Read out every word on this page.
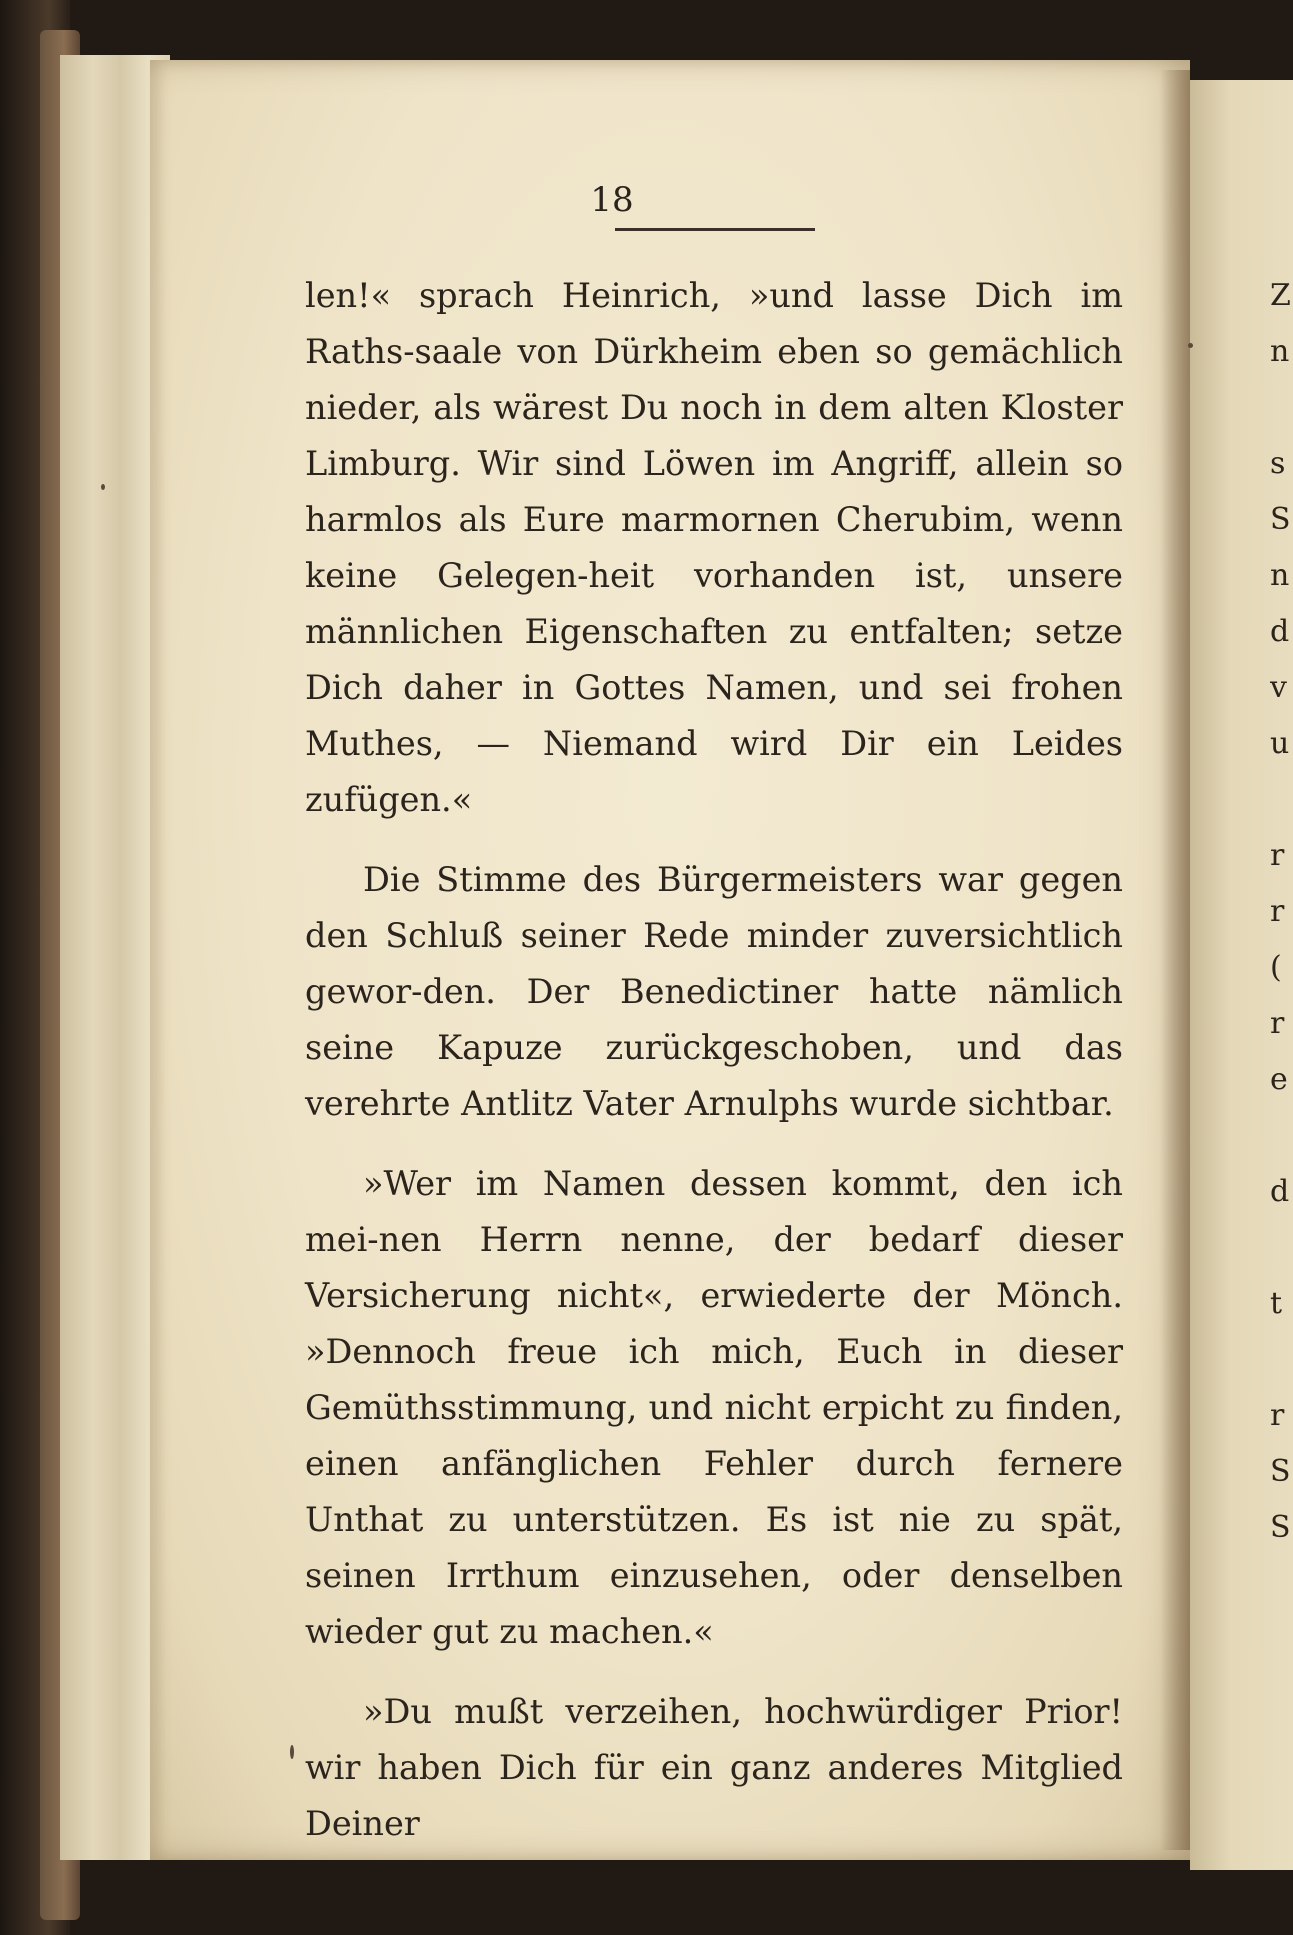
18

len!« sprach Heinrich, »und lasse Dich im Raths-saale von Dürkheim eben so gemächlich nieder, als wärest Du noch in dem alten Kloster Limburg. Wir sind Löwen im Angriff, allein so harmlos als Eure marmornen Cherubim, wenn keine Gelegen-heit vorhanden ist, unsere männlichen Eigenschaften zu entfalten; setze Dich daher in Gottes Namen, und sei frohen Muthes, — Niemand wird Dir ein Leides zufügen.«

Die Stimme des Bürgermeisters war gegen den Schluß seiner Rede minder zuversichtlich gewor-den. Der Benedictiner hatte nämlich seine Kapuze zurückgeschoben, und das verehrte Antlitz Vater Arnulphs wurde sichtbar.

»Wer im Namen dessen kommt, den ich mei-nen Herrn nenne, der bedarf dieser Versicherung nicht«, erwiederte der Mönch. »Dennoch freue ich mich, Euch in dieser Gemüthsstimmung, und nicht erpicht zu finden, einen anfänglichen Fehler durch fernere Unthat zu unterstützen. Es ist nie zu spät, seinen Irrthum einzusehen, oder denselben wieder gut zu machen.«

»Du mußt verzeihen, hochwürdiger Prior! wir haben Dich für ein ganz anderes Mitglied Deiner

Z
n
s
S
n
d
v
u
r
r
(
r
e
d
t
r
S
S
